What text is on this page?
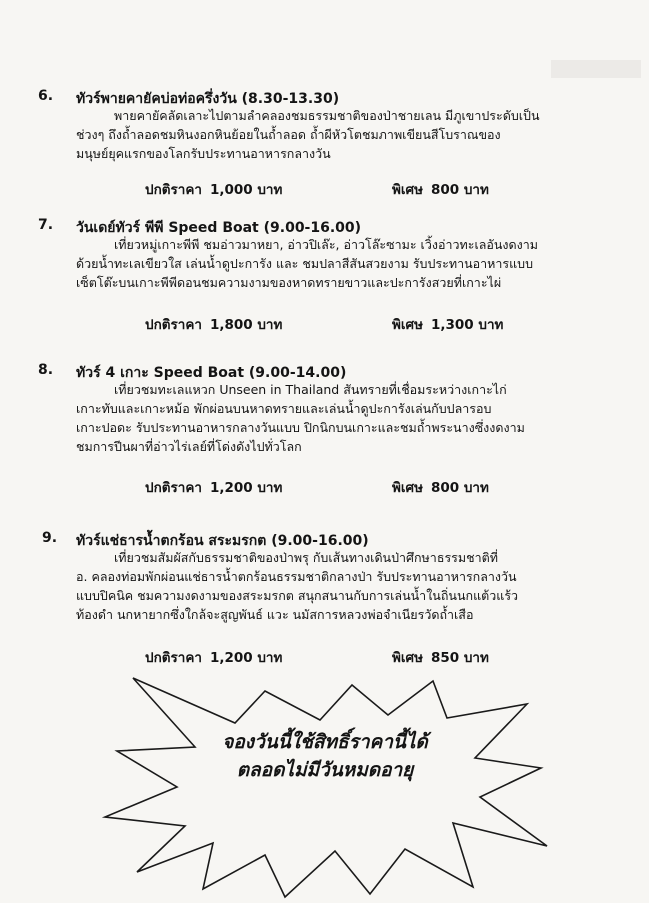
6. ทัวร์พายคายัคบ่อท่อครึ่งวัน (8.30-13.30)
พายคายัคลัดเลาะไปตามลำคลองชมธรรมชาติของป่าชายเลน มีภูเขาประดับเป็น
ช่วงๆ ถึงถ้ำลอดชมหินงอกหินย้อยในถ้ำลอด ถ้ำผีหัวโตชมภาพเขียนสีโบราณของ
มนุษย์ยุคแรกของโลกรับประทานอาหารกลางวัน
ปกติราคา 1,000 บาท	พิเศษ 800 บาท
7. วันเดย์ทัวร์ พีพี Speed Boat (9.00-16.00)
เที่ยวหมู่เกาะพีพี ชมอ่าวมาหยา, อ่าวปิเล๊ะ, อ่าวโล๊ะซามะ เวิ้งอ่าวทะเลอันงดงาม
ด้วยน้ำทะเลเขียวใส เล่นน้ำดูปะการัง และ ชมปลาสีสันสวยงาม รับประทานอาหารแบบ
เซ็ตโต๊ะบนเกาะพีพีดอนชมความงามของหาดทรายขาวและปะการังสวยที่เกาะไผ่
ปกติราคา 1,800 บาท	พิเศษ 1,300 บาท
8. ทัวร์ 4 เกาะ Speed Boat (9.00-14.00)
เที่ยวชมทะเลแหวก Unseen in Thailand สันทรายที่เชื่อมระหว่างเกาะไก่
เกาะทับและเกาะหม้อ พักผ่อนบนหาดทรายและเล่นน้ำดูปะการังเล่นกับปลารอบ
เกาะปอดะ รับประทานอาหารกลางวันแบบ ปิกนิกบนเกาะและชมถ้ำพระนางซึ่งงดงาม
ชมการปีนผาที่อ่าวไร่เลย์ที่โด่งดังไปทั่วโลก
ปกติราคา 1,200 บาท	พิเศษ 800 บาท
9. ทัวร์แช่ธารน้ำตกร้อน สระมรกต (9.00-16.00)
เที่ยวชมสัมผัสกับธรรมชาติของป่าพรุ กับเส้นทางเดินป่าศึกษาธรรมชาติที่
อ. คลองท่อมพักผ่อนแช่ธารน้ำตกร้อนธรรมชาติกลางป่า รับประทานอาหารกลางวัน
แบบปิคนิค ชมความงดงามของสระมรกต สนุกสนานกับการเล่นน้ำในถิ่นนกแต้วแร้ว
ท้องดำ นกหายากซึ่งใกล้จะสูญพันธ์ แวะ นมัสการหลวงพ่อจำเนียรวัดถ้ำเสือ
ปกติราคา 1,200 บาท	พิเศษ 850 บาท
จองวันนี้ใช้สิทธิ์ราคานี้ได้
ตลอดไม่มีวันหมดอายุ
